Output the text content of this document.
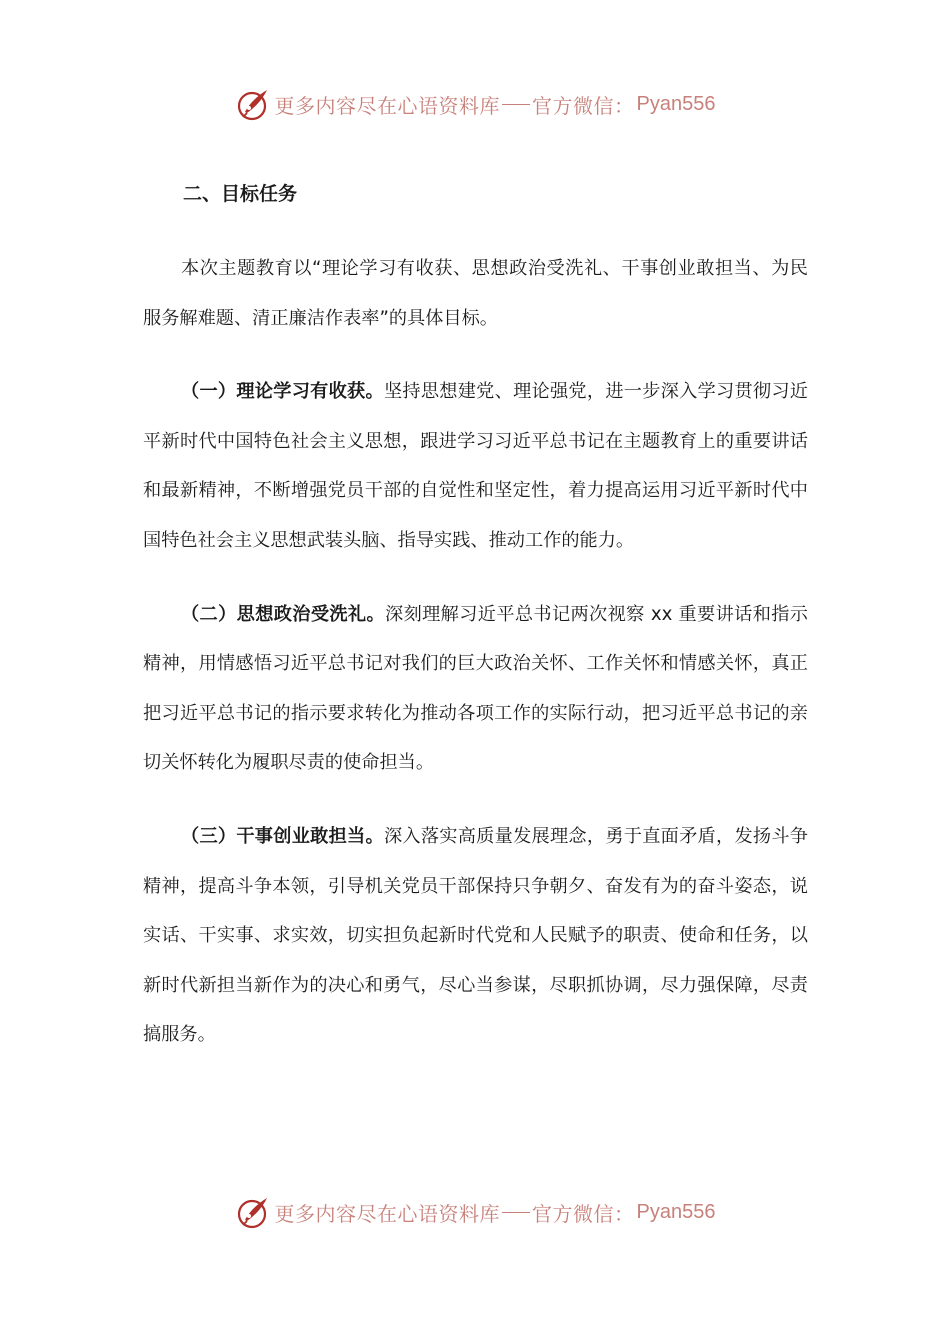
更多内容尽在心语资料库 官方微信： Pyan556
二、目标任务

本次主题教育以“理论学习有收获、思想政治受洗礼、干事创业敢担当、为民服务解难题、清正廉洁作表率”的具体目标。

（一）理论学习有收获。坚持思想建党、理论强党，进一步深入学习贯彻习近平新时代中国特色社会主义思想，跟进学习习近平总书记在主题教育上的重要讲话和最新精神，不断增强党员干部的自觉性和坚定性，着力提高运用习近平新时代中国特色社会主义思想武装头脑、指导实践、推动工作的能力。

（二）思想政治受洗礼。深刻理解习近平总书记两次视察 xx 重要讲话和指示精神，用情感悟习近平总书记对我们的巨大政治关怀、工作关怀和情感关怀，真正把习近平总书记的指示要求转化为推动各项工作的实际行动，把习近平总书记的亲切关怀转化为履职尽责的使命担当。

（三）干事创业敢担当。深入落实高质量发展理念，勇于直面矛盾，发扬斗争精神，提高斗争本领，引导机关党员干部保持只争朝夕、奋发有为的奋斗姿态，说实话、干实事、求实效，切实担负起新时代党和人民赋予的职责、使命和任务，以新时代新担当新作为的决心和勇气，尽心当参谋，尽职抓协调，尽力强保障，尽责搞服务。

更多内容尽在心语资料库 官方微信： Pyan556
